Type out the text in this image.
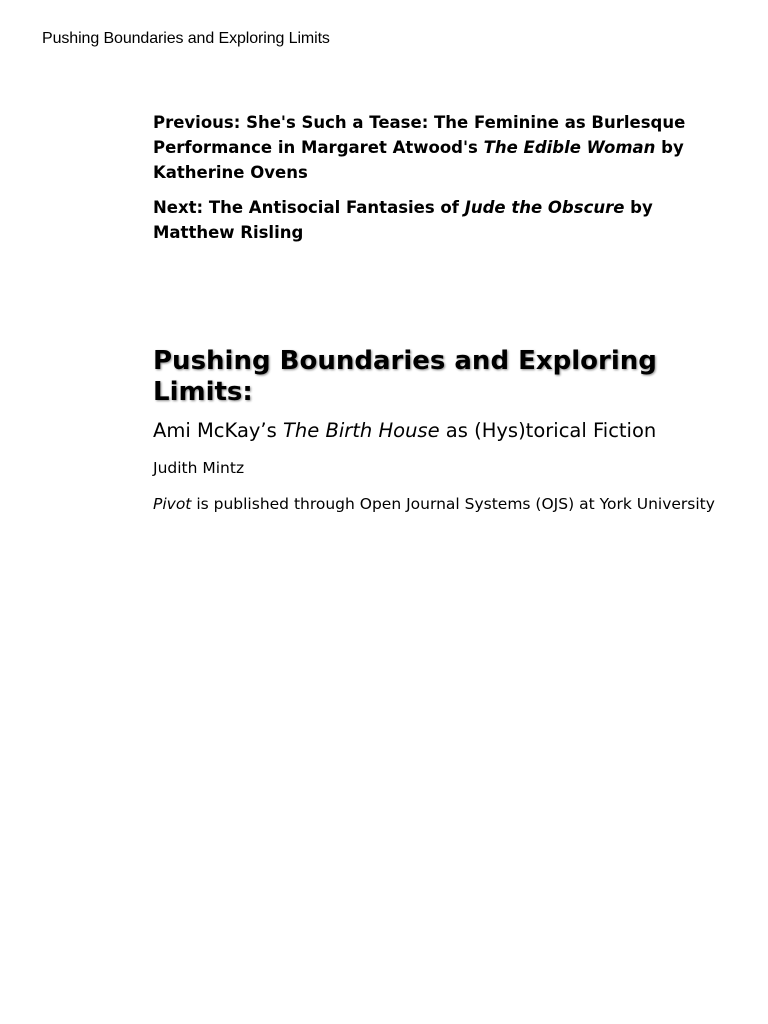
Pushing Boundaries and Exploring Limits

Previous: She's Such a Tease: The Feminine as Burlesque Performance in Margaret Atwood's The Edible Woman by Katherine Ovens

Next: The Antisocial Fantasies of Jude the Obscure by Matthew Risling

Pushing Boundaries and Exploring Limits:

Ami McKay’s The Birth House as (Hys)torical Fiction

Judith Mintz

Pivot is published through Open Journal Systems (OJS) at York University
